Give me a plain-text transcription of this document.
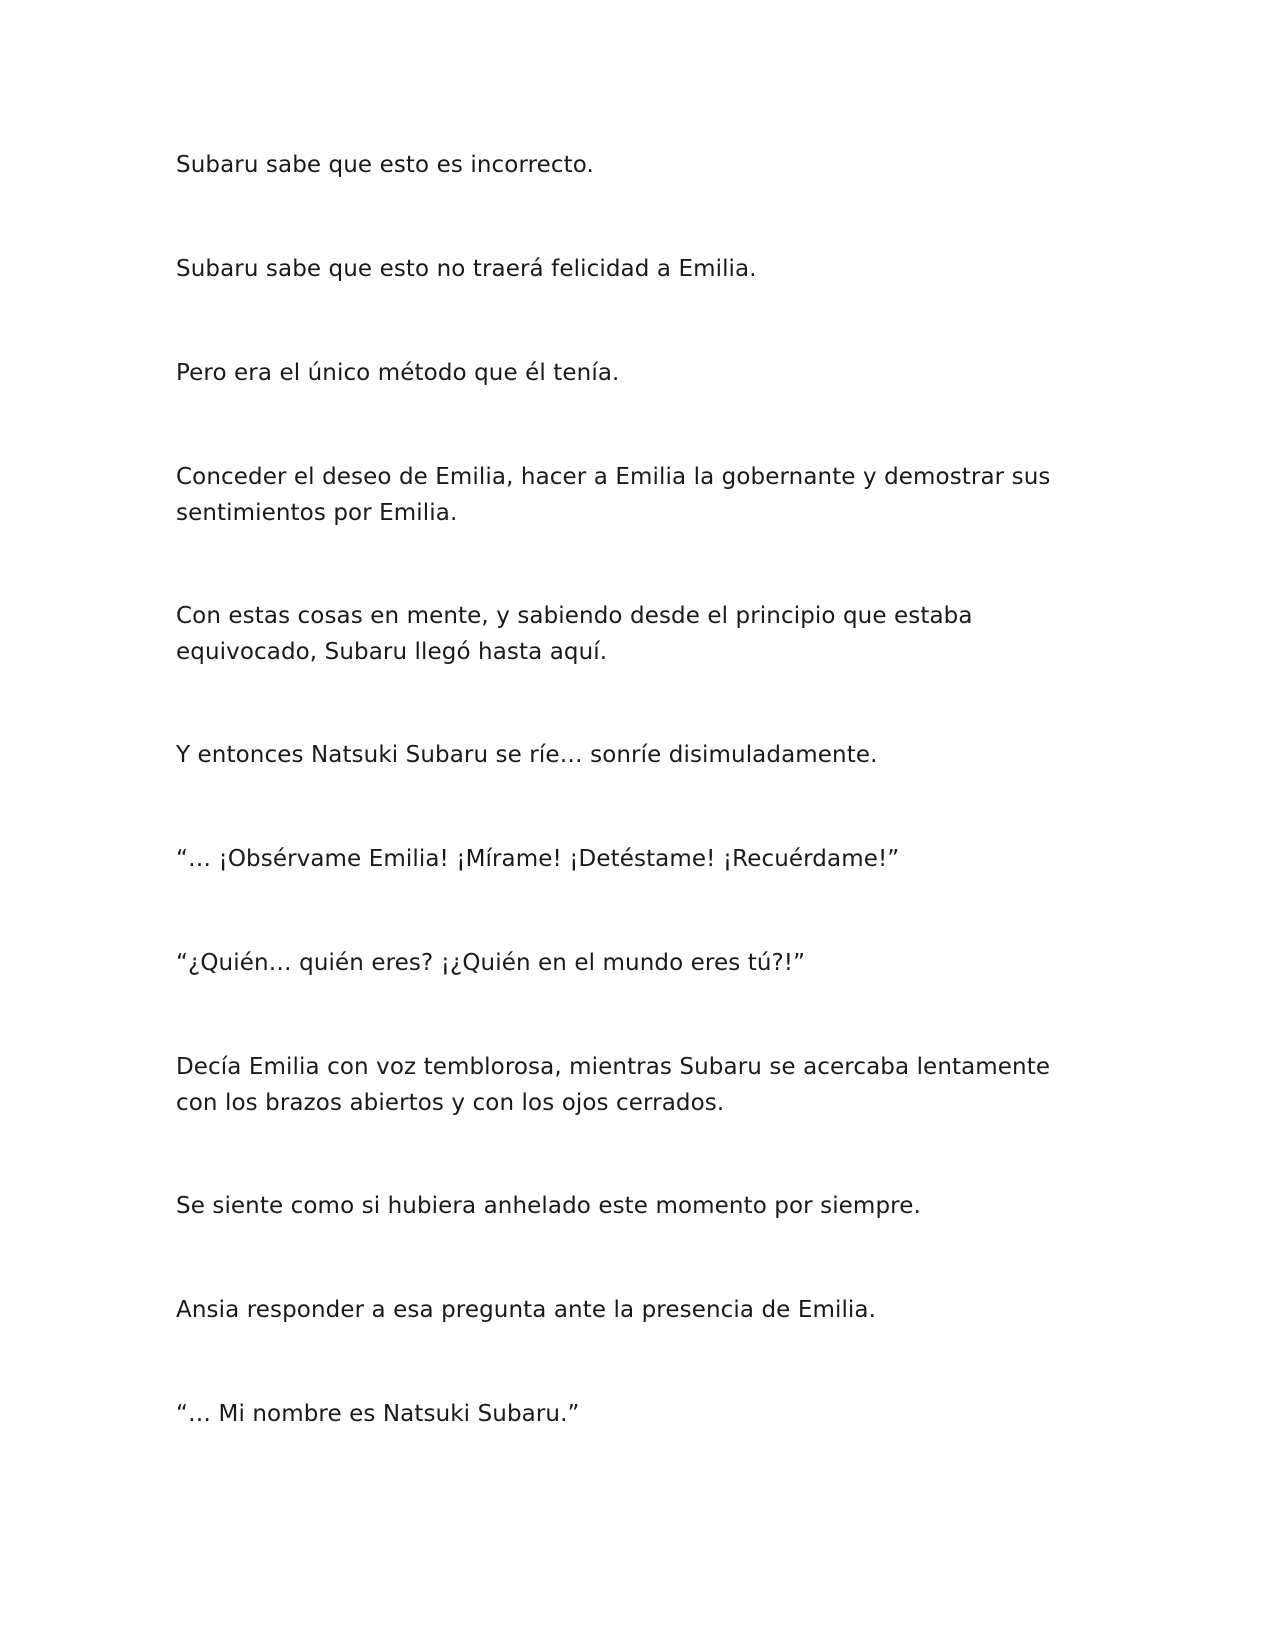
Subaru sabe que esto es incorrecto.

Subaru sabe que esto no traerá felicidad a Emilia.

Pero era el único método que él tenía.

Conceder el deseo de Emilia, hacer a Emilia la gobernante y demostrar sus sentimientos por Emilia.

Con estas cosas en mente, y sabiendo desde el principio que estaba equivocado, Subaru llegó hasta aquí.

Y entonces Natsuki Subaru se ríe… sonríe disimuladamente.

“… ¡Obsérvame Emilia! ¡Mírame! ¡Detéstame! ¡Recuérdame!”

“¿Quién… quién eres? ¡¿Quién en el mundo eres tú?!”

Decía Emilia con voz temblorosa, mientras Subaru se acercaba lentamente con los brazos abiertos y con los ojos cerrados.

Se siente como si hubiera anhelado este momento por siempre.

Ansia responder a esa pregunta ante la presencia de Emilia.

“… Mi nombre es Natsuki Subaru.”
